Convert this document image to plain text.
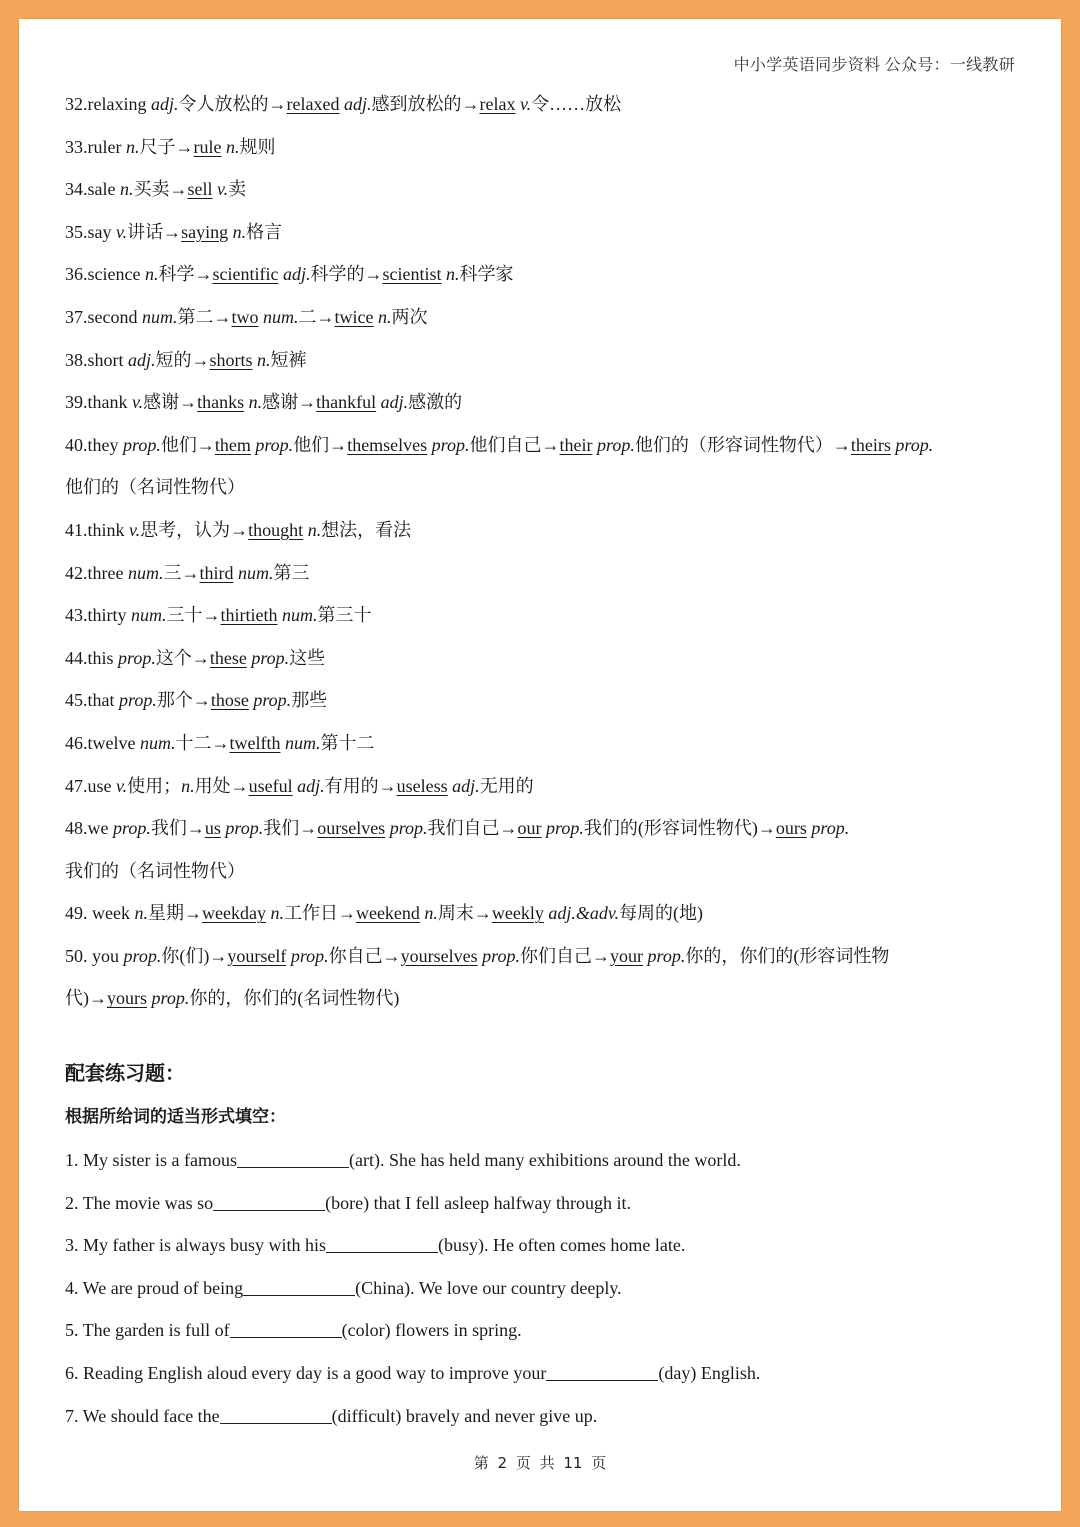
中小学英语同步资料 公众号：一线教研
32.relaxing adj.令人放松的→relaxed adj.感到放松的→relax v.令……放松
33.ruler n.尺子→rule n.规则
34.sale n.买卖→sell v.卖
35.say v.讲话→saying n.格言
36.science n.科学→scientific adj.科学的→scientist n.科学家
37.second num.第二→two num.二→twice n.两次
38.short adj.短的→shorts n.短裤
39.thank v.感谢→thanks n.感谢→thankful adj.感激的
40.they prop.他们→them prop.他们→themselves prop.他们自己→their prop.他们的（形容词性物代）→theirs prop.
他们的（名词性物代）
41.think v.思考，认为→thought n.想法，看法
42.three num.三→third num.第三
43.thirty num.三十→thirtieth num.第三十
44.this prop.这个→these prop.这些
45.that prop.那个→those prop.那些
46.twelve num.十二→twelfth num.第十二
47.use v.使用；n.用处→useful adj.有用的→useless adj.无用的
48.we prop.我们→us prop.我们→ourselves prop.我们自己→our prop.我们的(形容词性物代)→ours prop.
我们的（名词性物代）
49. week n.星期→weekday n.工作日→weekend n.周末→weekly adj.&adv.每周的(地)
50. you prop.你(们)→yourself prop.你自己→yourselves prop.你们自己→your prop.你的，你们的(形容词性物
代)→yours prop.你的，你们的(名词性物代)
配套练习题：
根据所给词的适当形式填空：
1. My sister is a famous	(art). She has held many exhibitions around the world.
2. The movie was so	(bore) that I fell asleep halfway through it.
3. My father is always busy with his	(busy). He often comes home late.
4. We are proud of being	(China). We love our country deeply.
5. The garden is full of	(color) flowers in spring.
6. Reading English aloud every day is a good way to improve your	(day) English.
7. We should face the	(difficult) bravely and never give up.
第 2 页 共 11 页
